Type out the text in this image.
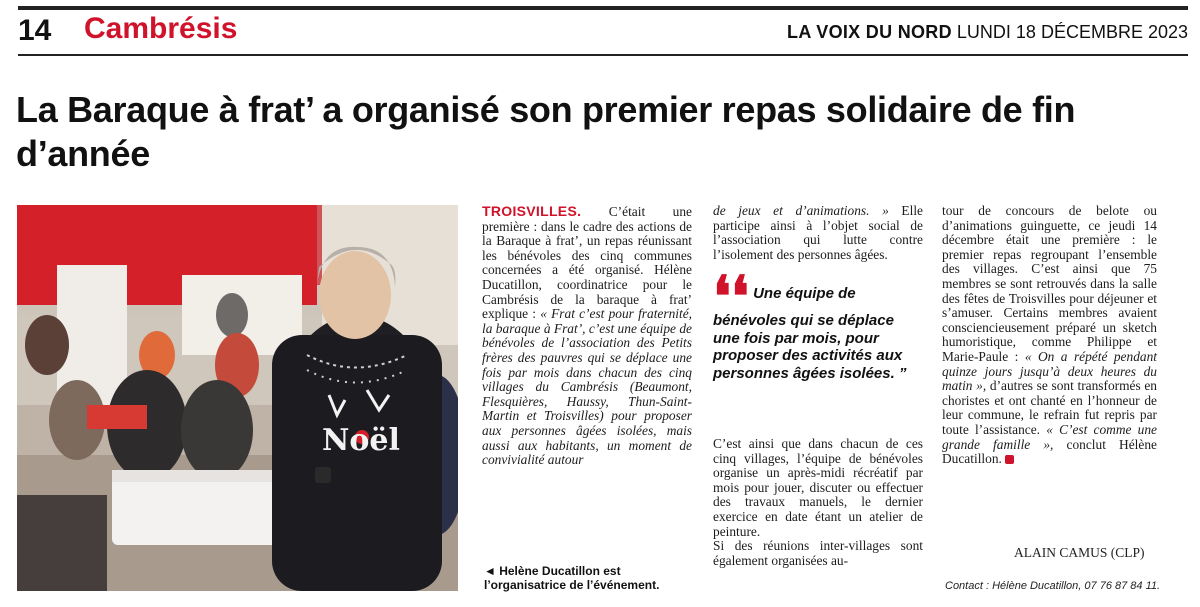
14 Cambrésis	LA VOIX DU NORD LUNDI 18 DÉCEMBRE 2023
La Baraque à frat’ a organisé son premier repas solidaire de fin d’année
Noël
◄ Helène Ducatillon est l’organisatrice de l’événement.
TROISVILLES. C’était une première : dans le cadre des actions de la Baraque à frat’, un repas réunissant les bénévoles des cinq communes concernées a été organisé. Hélène Ducatillon, coordinatrice pour le Cambrésis de la baraque à frat’ explique : « Frat c’est pour fraternité, la baraque à Frat’, c’est une équipe de bénévoles de l’association des Petits frères des pauvres qui se déplace une fois par mois dans chacun des cinq villages du Cambrésis (Beaumont, Flesquières, Haussy, Thun-Saint-Martin et Troisvilles) pour proposer aux personnes âgées isolées, mais aussi aux habitants, un moment de convivialité autour
de jeux et d’animations. » Elle participe ainsi à l’objet social de l’association qui lutte contre l’isolement des personnes âgées.
❛❛ Une équipe de bénévoles qui se déplace une fois par mois, pour proposer des activités aux personnes âgées isolées. ”
C’est ainsi que dans chacun de ces cinq villages, l’équipe de bénévoles organise un après-midi récréatif par mois pour jouer, discuter ou effectuer des travaux manuels, le dernier exercice en date étant un atelier de peinture.
Si des réunions inter-villages sont également organisées au-
tour de concours de belote ou d’animations guinguette, ce jeudi 14 décembre était une première : le premier repas regroupant l’ensemble des villages. C’est ainsi que 75 membres se sont retrouvés dans la salle des fêtes de Troisvilles pour déjeuner et s’amuser. Certains membres avaient consciencieusement préparé un sketch humoristique, comme Philippe et Marie-Paule : « On a répété pendant quinze jours jusqu’à deux heures du matin », d’autres se sont transformés en choristes et ont chanté en l’honneur de leur commune, le refrain fut repris par toute l’assistance. « C’est comme une grande famille », conclut Hélène Ducatillon.
ALAIN CAMUS (CLP)
Contact : Hélène Ducatillon, 07 76 87 84 11.
